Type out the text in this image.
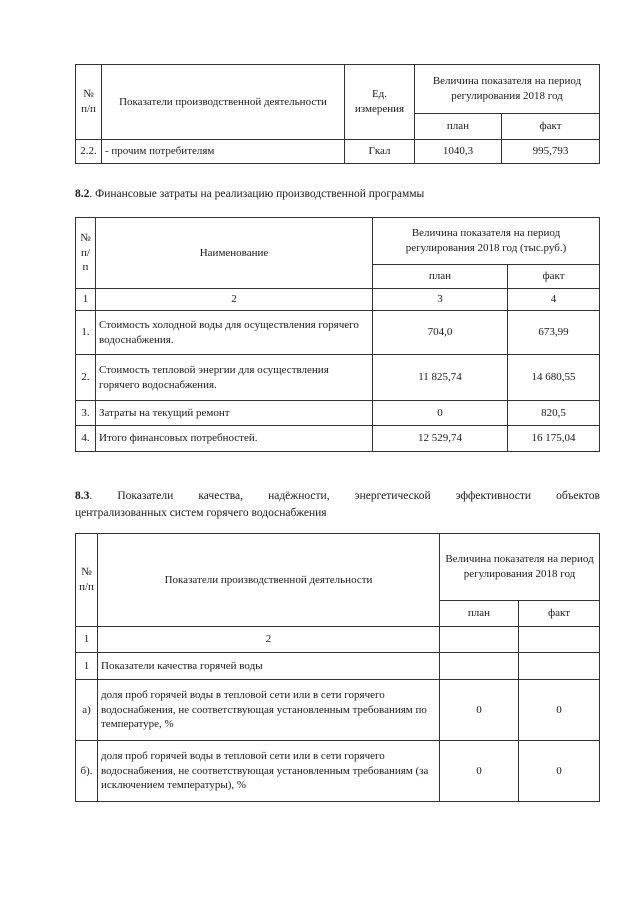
№ п/п	Показатели производственной деятельности	Ед. измерения	Величина показателя на период регулирования 2018 год	
			план	факт
2.2.	- прочим потребителям	Гкал	1040,3	995,793
8.2. Финансовые затраты на реализацию производственной программы
№ п/п	Наименование	Величина показателя на период регулирования 2018 год (тыс.руб.)	
		план	факт
1	2	3	4
1.	Стоимость холодной воды для осуществления горячего водоснабжения.	704,0	673,99
2.	Стоимость тепловой энергии для осуществления горячего водоснабжения.	11 825,74	14 680,55
3.	Затраты на текущий ремонт	0	820,5
4.	Итого финансовых потребностей.	12 529,74	16 175,04
8.3. Показатели качества, надёжности, энергетической эффективности объектов
централизованных систем горячего водоснабжения
№ п/п	Показатели производственной деятельности	Величина показателя на период регулирования 2018 год	
		план	факт
1	2		
1	Показатели качества горячей воды		
а)	доля проб горячей воды в тепловой сети или в сети горячего водоснабжения, не соответствующая установленным требованиям по температуре, %	0	0
б).	доля проб горячей воды в тепловой сети или в сети горячего водоснабжения, не соответствующая установленным требованиям (за исключением температуры), %	0	0
